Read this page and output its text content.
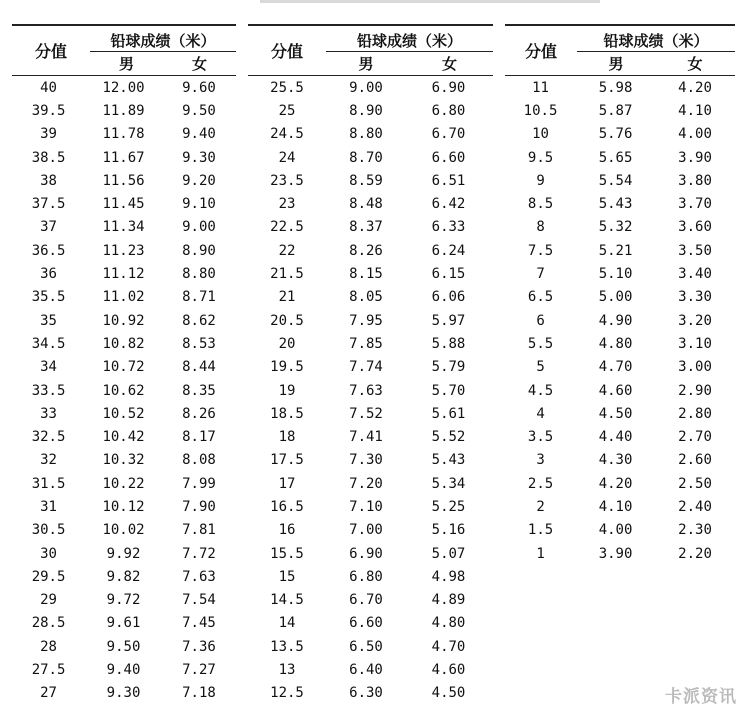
分值
铅球成绩（米）
男	女
40	12.00	9.60
39.5	11.89	9.50
39	11.78	9.40
38.5	11.67	9.30
38	11.56	9.20
37.5	11.45	9.10
37	11.34	9.00
36.5	11.23	8.90
36	11.12	8.80
35.5	11.02	8.71
35	10.92	8.62
34.5	10.82	8.53
34	10.72	8.44
33.5	10.62	8.35
33	10.52	8.26
32.5	10.42	8.17
32	10.32	8.08
31.5	10.22	7.99
31	10.12	7.90
30.5	10.02	7.81
30	9.92	7.72
29.5	9.82	7.63
29	9.72	7.54
28.5	9.61	7.45
28	9.50	7.36
27.5	9.40	7.27
27	9.30	7.18
分值
铅球成绩（米）
男	女
25.5	9.00	6.90
25	8.90	6.80
24.5	8.80	6.70
24	8.70	6.60
23.5	8.59	6.51
23	8.48	6.42
22.5	8.37	6.33
22	8.26	6.24
21.5	8.15	6.15
21	8.05	6.06
20.5	7.95	5.97
20	7.85	5.88
19.5	7.74	5.79
19	7.63	5.70
18.5	7.52	5.61
18	7.41	5.52
17.5	7.30	5.43
17	7.20	5.34
16.5	7.10	5.25
16	7.00	5.16
15.5	6.90	5.07
15	6.80	4.98
14.5	6.70	4.89
14	6.60	4.80
13.5	6.50	4.70
13	6.40	4.60
12.5	6.30	4.50
分值
铅球成绩（米）
男	女
11	5.98	4.20
10.5	5.87	4.10
10	5.76	4.00
9.5	5.65	3.90
9	5.54	3.80
8.5	5.43	3.70
8	5.32	3.60
7.5	5.21	3.50
7	5.10	3.40
6.5	5.00	3.30
6	4.90	3.20
5.5	4.80	3.10
5	4.70	3.00
4.5	4.60	2.90
4	4.50	2.80
3.5	4.40	2.70
3	4.30	2.60
2.5	4.20	2.50
2	4.10	2.40
1.5	4.00	2.30
1	3.90	2.20
卡派资讯
